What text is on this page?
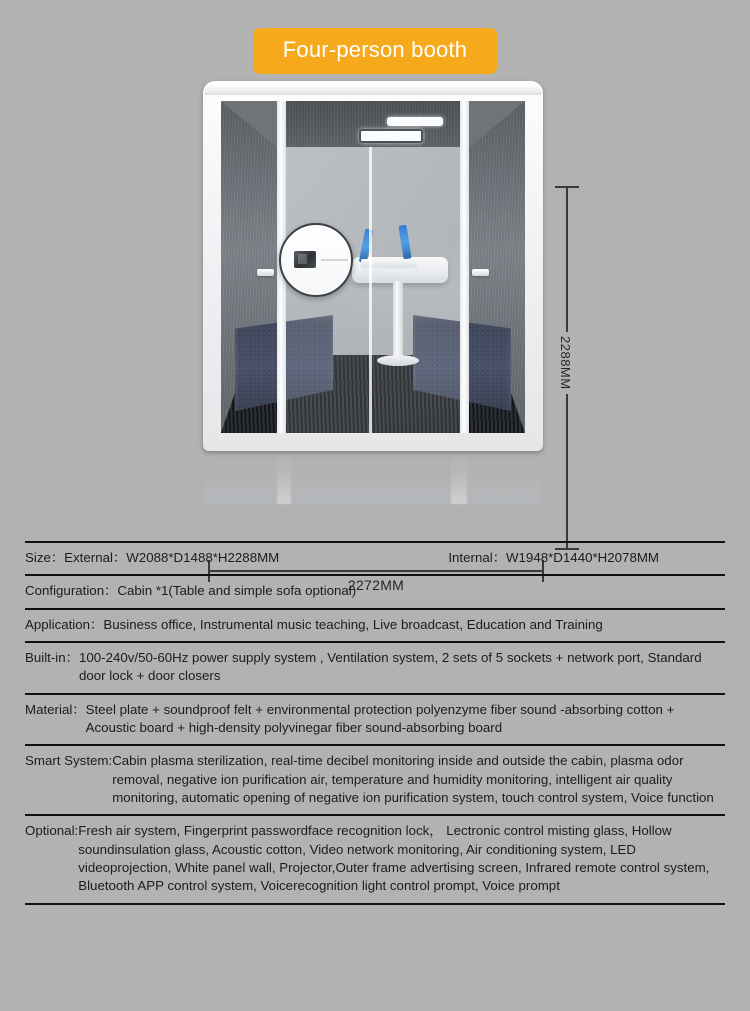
Four-person booth
2288MM
2272MM
Size：External： W2088*D1488*H2288MM	Internal：W1948*D1440*H2078MM
Configuration： Cabin *1(Table and simple sofa optional)
Application： Business office, Instrumental music teaching, Live broadcast, Education and Training
Built-in： 100-240v/50-60Hz power supply system , Ventilation system, 2 sets of 5 sockets + network port, Standard door lock + door closers
Material： Steel plate + soundproof felt + environmental protection polyenzyme fiber sound -absorbing cotton + Acoustic board + high-density polyvinegar fiber sound-absorbing board
Smart System: Cabin plasma sterilization, real-time decibel monitoring inside and outside the cabin, plasma odor removal, negative ion purification air, temperature and humidity monitoring, intelligent air quality monitoring, automatic opening of negative ion purification system, touch control system, Voice function
Optional: Fresh air system, Fingerprint passwordface recognition lock， Lectronic control misting glass, Hollow soundinsulation glass, Acoustic cotton, Video network monitoring, Air conditioning system, LED videoprojection, White panel wall, Projector,Outer frame advertising screen, Infrared remote control system, Bluetooth APP control system, Voicerecognition light control prompt, Voice prompt
